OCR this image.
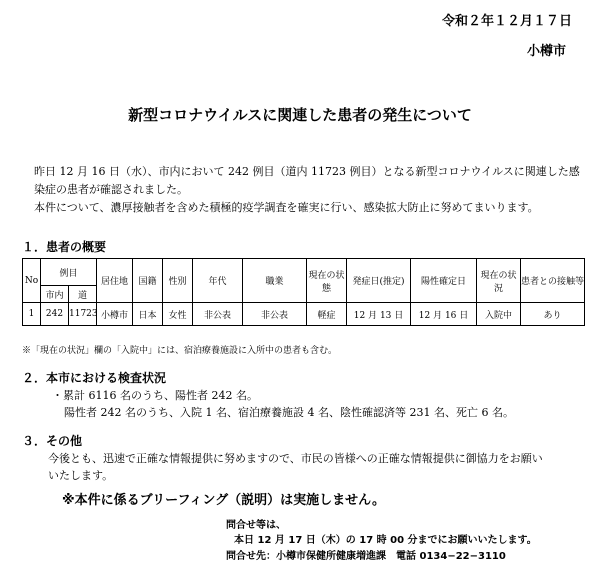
令和２年１２月１７日
小樽市
新型コロナウイルスに関連した患者の発生について

昨日 12 月 16 日（水）、市内において 242 例目（道内 11723 例目）となる新型コロナウイルスに関連した感染症の患者が確認されました。

本件について、濃厚接触者を含めた積極的疫学調査を確実に行い、感染拡大防止に努めてまいります。

１．患者の概要
No	例目		居住地	国籍	性別	年代	職業	現在の状態	発症日(推定)	陽性確定日	現在の状況	患者との接触等
	市内	道										
1	242	11723	小樽市	日本	女性	非公表	非公表	軽症	12 月 13 日	12 月 16 日	入院中	あり
※「現在の状況」欄の「入院中」には、宿泊療養施設に入所中の患者も含む。
２．本市における検査状況
・累計 6116 名のうち、陽性者 242 名。
陽性者 242 名のうち、入院 1 名、宿泊療養施設 4 名、陰性確認済等 231 名、死亡 6 名。
３．その他
今後とも、迅速で正確な情報提供に努めますので、市民の皆様への正確な情報提供に御協力をお願いいたします。
※本件に係るブリーフィング（説明）は実施しません。
問合せ等は、
本日 12 月 17 日（木）の 17 時 00 分までにお願いいたします。
問合せ先：小樽市保健所健康増進課　電話 0134−22−3110
